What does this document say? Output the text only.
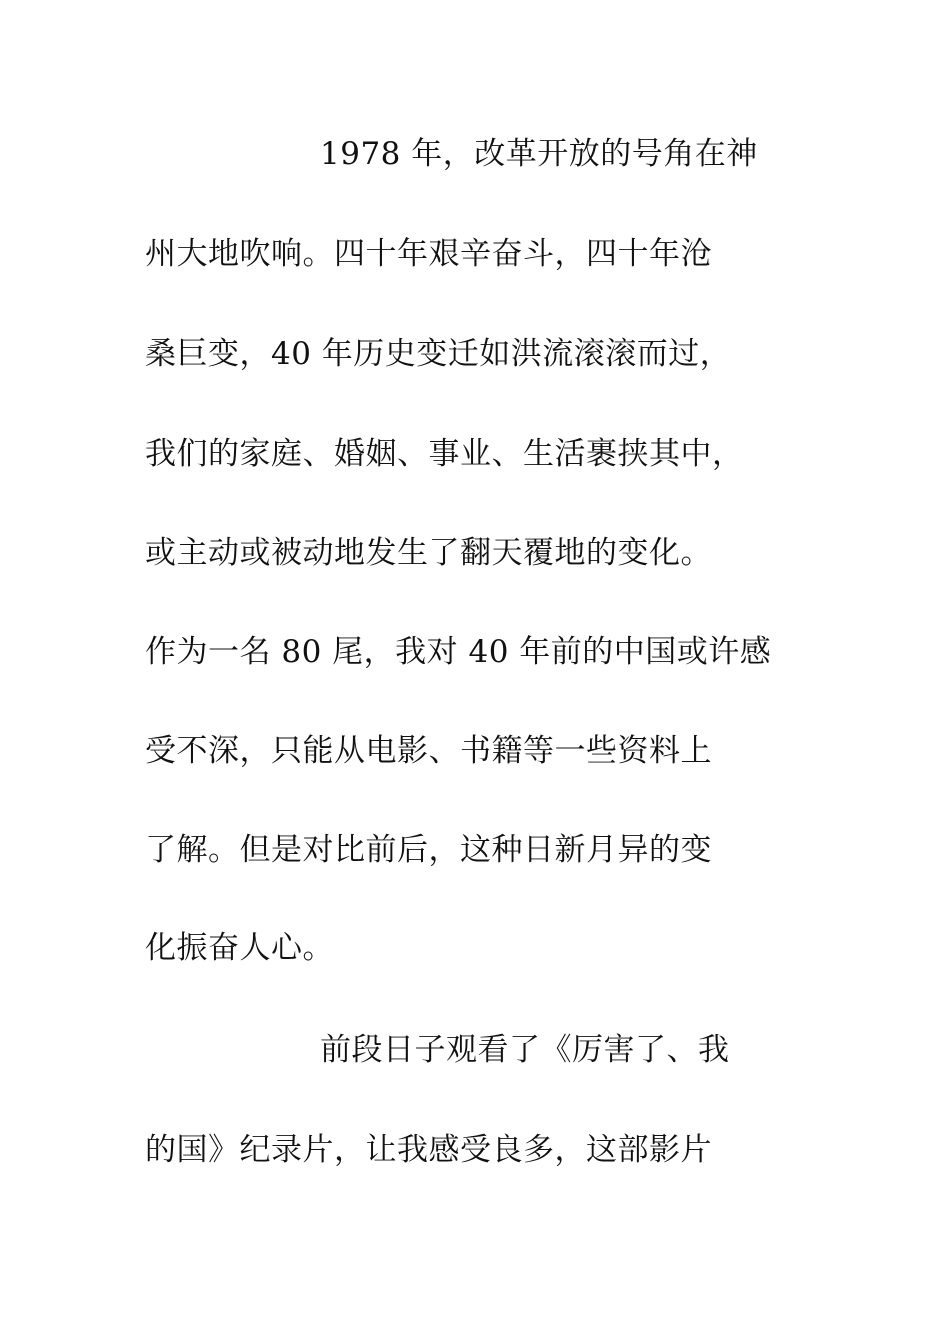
1978 年，改革开放的号角在神
州大地吹响。四十年艰辛奋斗，四十年沧
桑巨变，40 年历史变迁如洪流滚滚而过，
我们的家庭、婚姻、事业、生活裹挟其中，
或主动或被动地发生了翻天覆地的变化。
作为一名 80 尾，我对 40 年前的中国或许感
受不深，只能从电影、书籍等一些资料上
了解。但是对比前后，这种日新月异的变
化振奋人心。
前段日子观看了《厉害了、我
的国》纪录片，让我感受良多，这部影片
